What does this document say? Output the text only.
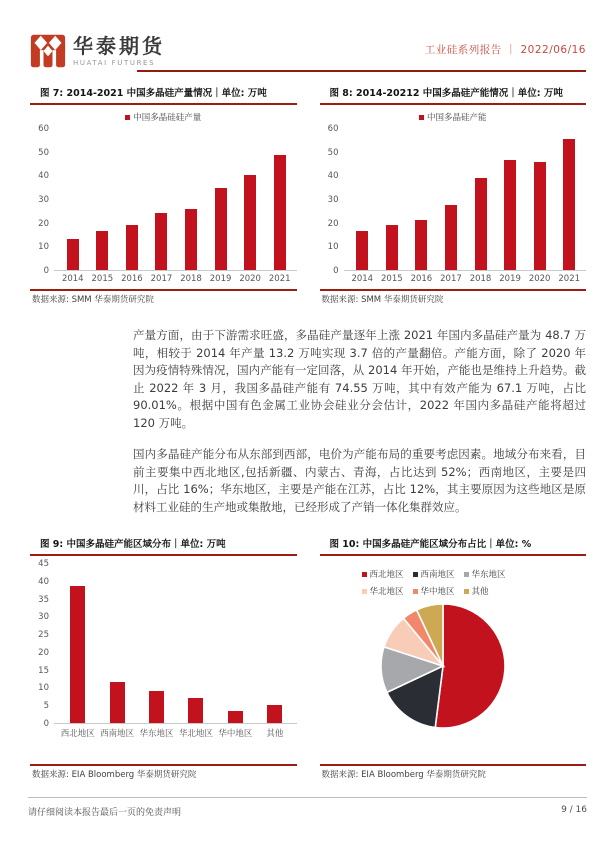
华泰期货
HUATAI FUTURES
工业硅系列报告 ｜ 2022/06/16
图 7: 2014-2021 中国多晶硅产量情况｜单位: 万吨
中国多晶硅硅产量
0
10
20
30
40
50
60
2014 2015 2016 2017 2018 2019 2020 2021
数据来源: SMM 华泰期货研究院
图 8: 2014-20212 中国多晶硅产能情况｜单位: 万吨
中国多晶硅产能
0
10
20
30
40
50
60
2014 2015 2016 2017 2018 2019 2020 2021
数据来源: SMM 华泰期货研究院

产量方面，由于下游需求旺盛，多晶硅产量逐年上涨 2021 年国内多晶硅产量为 48.7 万吨，相较于 2014 年产量 13.2 万吨实现 3.7 倍的产量翻倍。产能方面，除了 2020 年因为疫情特殊情况，国内产能有一定回落，从 2014 年开始，产能也是维持上升趋势。截止 2022 年 3 月，我国多晶硅产能有 74.55 万吨，其中有效产能为 67.1 万吨，占比 90.01%。根据中国有色金属工业协会硅业分会估计，2022 年国内多晶硅产能将超过 120 万吨。

国内多晶硅产能分布从东部到西部，电价为产能布局的重要考虑因素。地域分布来看，目前主要集中西北地区,包括新疆、内蒙古、青海，占比达到 52%；西南地区，主要是四川，占比 16%；华东地区，主要是产能在江苏，占比 12%，其主要原因为这些地区是原材料工业硅的生产地或集散地，已经形成了产销一体化集群效应。

图 9: 中国多晶硅产能区域分布｜单位: 万吨
0
5
10
15
20
25
30
35
40
45
西北地区 西南地区 华东地区 华北地区 华中地区	其他
数据来源: EIA Bloomberg 华泰期货研究院
图 10: 中国多晶硅产能区域分布占比｜单位: %
西北地区	西南地区	华东地区
华北地区	华中地区	其他
数据来源: EIA Bloomberg 华泰期货研究院
请仔细阅读本报告最后一页的免责声明	9 / 16
